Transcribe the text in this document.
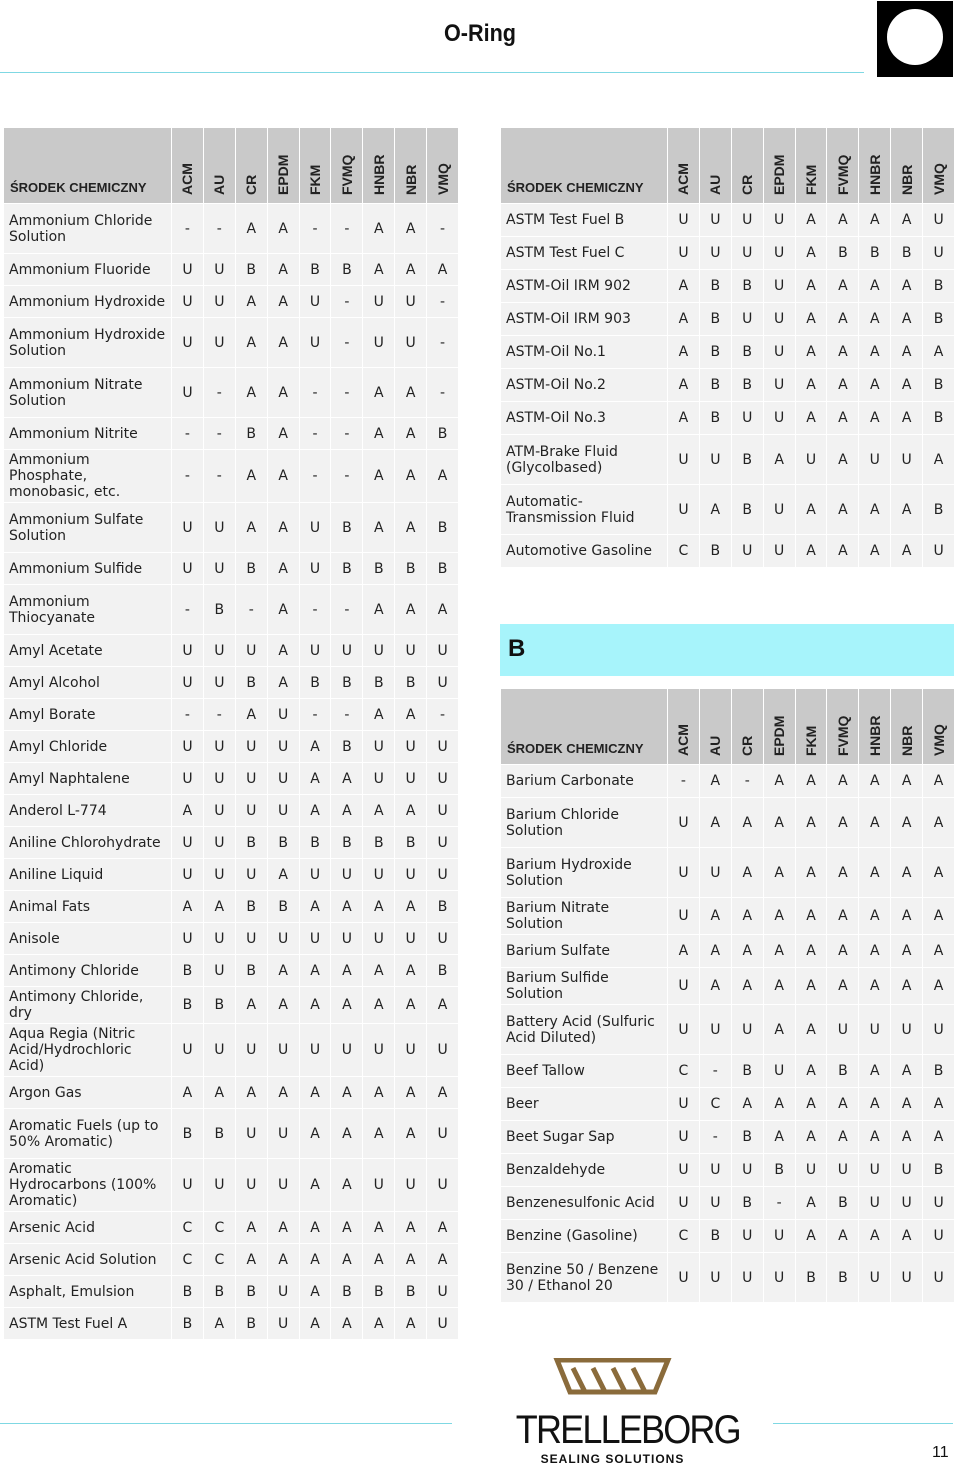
O-Ring
ŚRODEK CHEMICZNY	ACM	AU	CR	EPDM	FKM	FVMQ	HNBR	NBR	VMQ

Ammonium Chloride Solution	-	-	A	A	-	-	A	A	-
Ammonium Fluoride	U	U	B	A	B	B	A	A	A
Ammonium Hydroxide	U	U	A	A	U	-	U	U	-
Ammonium Hydroxide Solution	U	U	A	A	U	-	U	U	-
Ammonium Nitrate Solution	U	-	A	A	-	-	A	A	-
Ammonium Nitrite	-	-	B	A	-	-	A	A	B
Ammonium Phosphate, monobasic, etc.	-	-	A	A	-	-	A	A	A
Ammonium Sulfate Solution	U	U	A	A	U	B	A	A	B
Ammonium Sulfide	U	U	B	A	U	B	B	B	B
Ammonium Thiocyanate	-	B	-	A	-	-	A	A	A
Amyl Acetate	U	U	U	A	U	U	U	U	U
Amyl Alcohol	U	U	B	A	B	B	B	B	U
Amyl Borate	-	-	A	U	-	-	A	A	-
Amyl Chloride	U	U	U	U	A	B	U	U	U
Amyl Naphtalene	U	U	U	U	A	A	U	U	U
Anderol L-774	A	U	U	U	A	A	A	A	U
Aniline Chlorohydrate	U	U	B	B	B	B	B	B	U
Aniline Liquid	U	U	U	A	U	U	U	U	U
Animal Fats	A	A	B	B	A	A	A	A	B
Anisole	U	U	U	U	U	U	U	U	U
Antimony Chloride	B	U	B	A	A	A	A	A	B
Antimony Chloride, dry	B	B	A	A	A	A	A	A	A
Aqua Regia (Nitric Acid/Hydrochloric Acid)	U	U	U	U	U	U	U	U	U
Argon Gas	A	A	A	A	A	A	A	A	A
Aromatic Fuels (up to 50% Aromatic)	B	B	U	U	A	A	A	A	U
Aromatic Hydrocarbons (100% Aromatic)	U	U	U	U	A	A	U	U	U
Arsenic Acid	C	C	A	A	A	A	A	A	A
Arsenic Acid Solution	C	C	A	A	A	A	A	A	A
Asphalt, Emulsion	B	B	B	U	A	B	B	B	U
ASTM Test Fuel A	B	A	B	U	A	A	A	A	U
ŚRODEK CHEMICZNY	ACM	AU	CR	EPDM	FKM	FVMQ	HNBR	NBR	VMQ

ASTM Test Fuel B	U	U	U	U	A	A	A	A	U
ASTM Test Fuel C	U	U	U	U	A	B	B	B	U
ASTM-Oil IRM 902	A	B	B	U	A	A	A	A	B
ASTM-Oil IRM 903	A	B	U	U	A	A	A	A	B
ASTM-Oil No.1	A	B	B	U	A	A	A	A	A
ASTM-Oil No.2	A	B	B	U	A	A	A	A	B
ASTM-Oil No.3	A	B	U	U	A	A	A	A	B
ATM-Brake Fluid (Glycolbased)	U	U	B	A	U	A	U	U	A
Automatic-Transmission Fluid	U	A	B	U	A	A	A	A	B
Automotive Gasoline	C	B	U	U	A	A	A	A	U
B
ŚRODEK CHEMICZNY	ACM	AU	CR	EPDM	FKM	FVMQ	HNBR	NBR	VMQ

Barium Carbonate	-	A	-	A	A	A	A	A	A
Barium Chloride Solution	U	A	A	A	A	A	A	A	A
Barium Hydroxide Solution	U	U	A	A	A	A	A	A	A
Barium Nitrate Solution	U	A	A	A	A	A	A	A	A
Barium Sulfate	A	A	A	A	A	A	A	A	A
Barium Sulfide Solution	U	A	A	A	A	A	A	A	A
Battery Acid (Sulfuric Acid Diluted)	U	U	U	A	A	U	U	U	U
Beef Tallow	C	-	B	U	A	B	A	A	B
Beer	U	C	A	A	A	A	A	A	A
Beet Sugar Sap	U	-	B	A	A	A	A	A	A
Benzaldehyde	U	U	U	B	U	U	U	U	B
Benzenesulfonic Acid	U	U	B	-	A	B	U	U	U
Benzine (Gasoline)	C	B	U	U	A	A	A	A	U
Benzine 50 / Benzene 30 / Ethanol 20	U	U	U	U	B	B	U	U	U
TRELLEBORG
SEALING SOLUTIONS	11
